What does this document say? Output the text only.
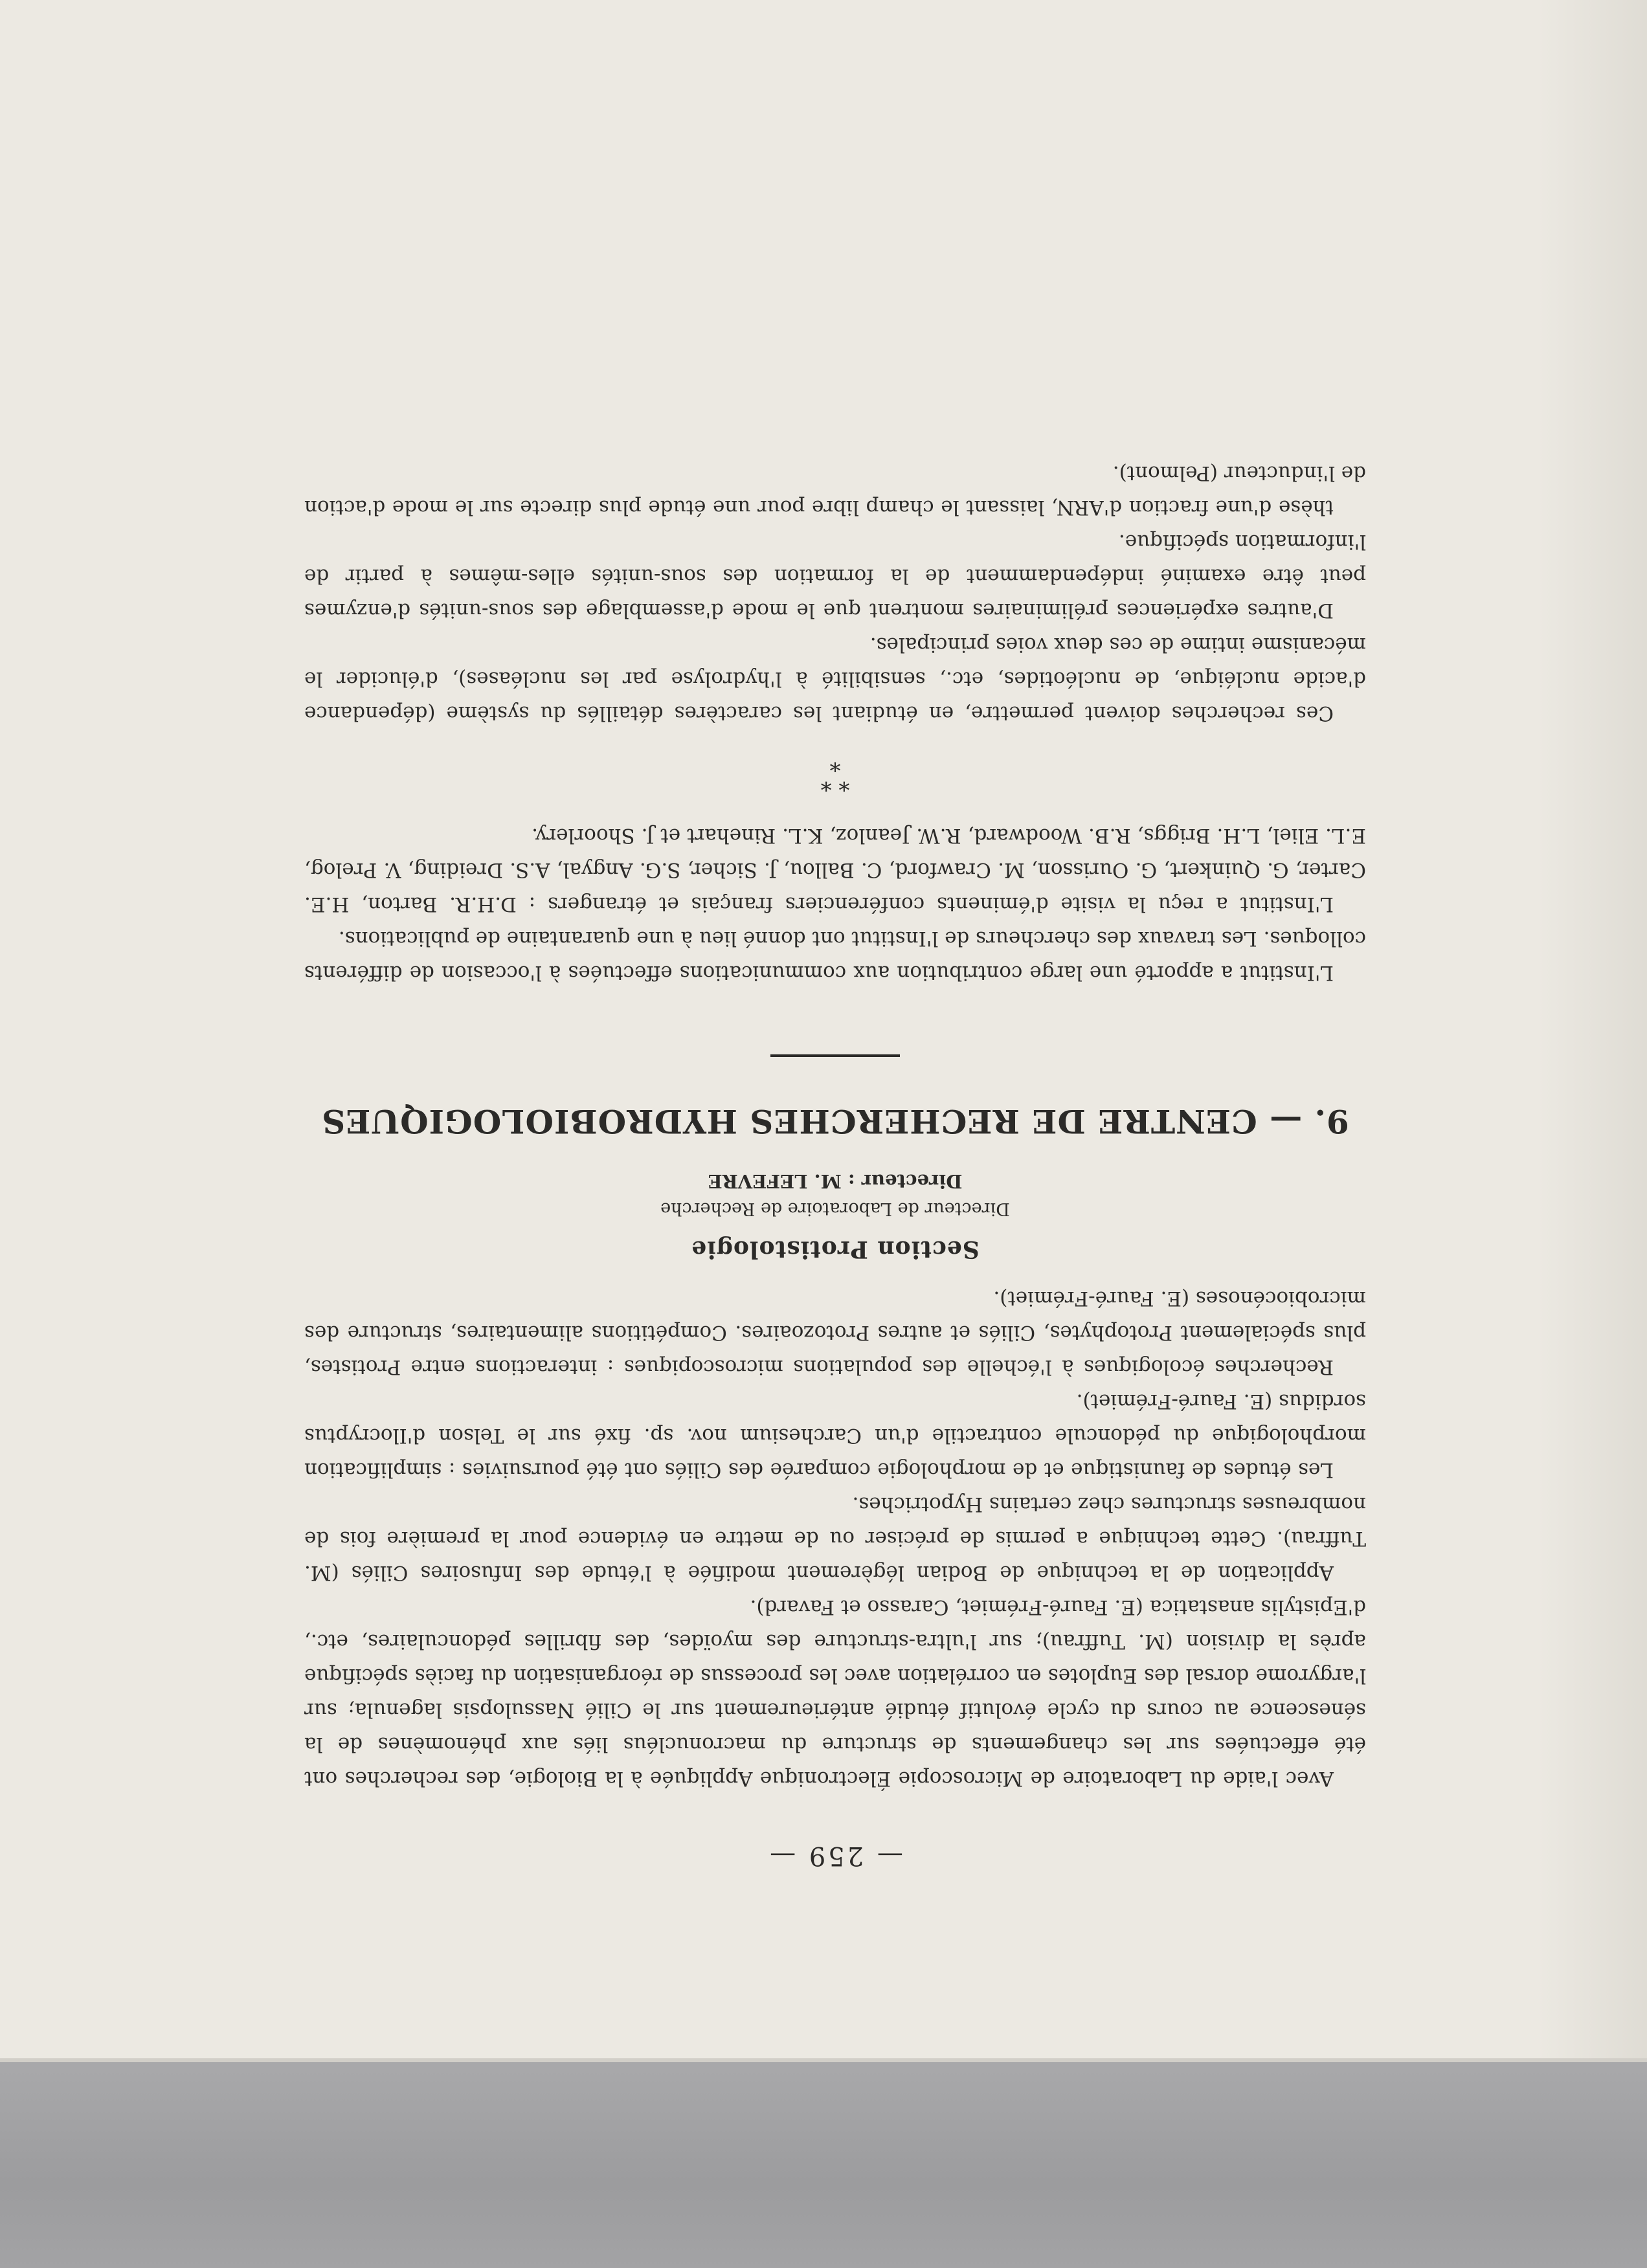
— 259 —

Avec l'aide du Laboratoire de Microscopie Électronique Appliquée à la Biologie, des recherches ont été effectuées sur les changements de structure du macronucléus liés aux phénomènes de la sénescence au cours du cycle évolutif étudié antérieurement sur le Cilié Nassulopsis lagenula; sur l'argyrome dorsal des Euplotes en corrélation avec les processus de réorganisation du faciès spécifique après la division (M. Tuffrau); sur l'ultra-structure des myoïdes, des fibrilles pédonculaires, etc., d'Epistylis anastatica (E. Fauré-Frémiet, Carasso et Favard).

Application de la technique de Bodian légèrement modifiée à l'étude des Infusoires Ciliés (M. Tuffrau). Cette technique a permis de préciser ou de mettre en évidence pour la première fois de nombreuses structures chez certains Hypotriches.

Les études de faunistique et de morphologie comparée des Ciliés ont été poursuivies : simplification morphologique du pédoncule contractile d'un Carchesium nov. sp. fixé sur le Telson d'Ilocryptus sordidus (E. Fauré-Frémiet).

Recherches écologiques à l'échelle des populations microscopiques : interactions entre Protistes, plus spécialement Protophytes, Ciliés et autres Protozoaires. Compétitions alimentaires, structure des microbiocénoses (E. Fauré-Frémiet).

Section Protistologie
Directeur de Laboratoire de Recherche
Directeur : M. LEFEVRE
9. — CENTRE DE RECHERCHES HYDROBIOLOGIQUES

L'Institut a apporté une large contribution aux communications effectuées à l'occasion de différents colloques. Les travaux des chercheurs de l'Institut ont donné lieu à une quarantaine de publications.

L'Institut a reçu la visite d'éminents conférenciers français et étrangers : D.H.R. Barton, H.E. Carter, G. Quinkert, G. Ourisson, M. Crawford, C. Ballou, J. Sicher, S.G. Angyal, A.S. Dreiding, V. Prelog, E.L. Eliel, L.H. Briggs, R.B. Woodward, R.W. Jeanloz, K.L. Rinehart et J. Shoorlery.

* *
*

Ces recherches doivent permettre, en étudiant les caractères détaillés du système (dépendance d'acide nucléique, de nucléotides, etc., sensibilité à l'hydrolyse par les nucléases), d'élucider le mécanisme intime de ces deux voies principales.

D'autres expériences préliminaires montrent que le mode d'assemblage des sous-unités d'enzymes peut être examiné indépendamment de la formation des sous-unités elles-mêmes à partir de l'information spécifique.

thèse d'une fraction d'ARN, laissant le champ libre pour une étude plus directe sur le mode d'action de l'inducteur (Pelmont).
